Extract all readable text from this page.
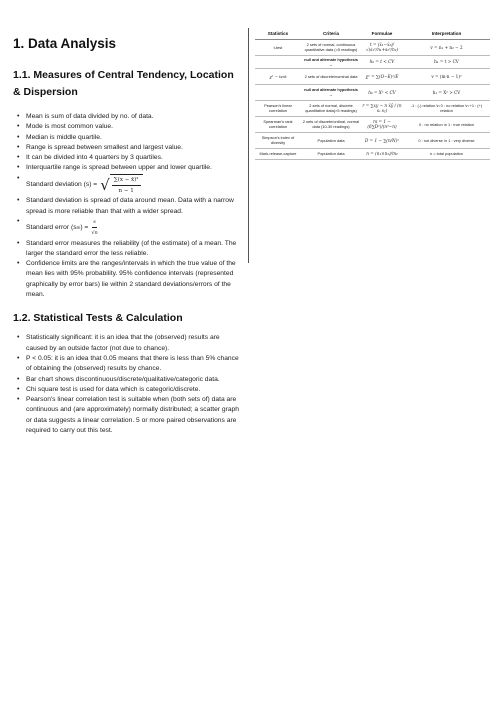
1. Data Analysis
1.1. Measures of Central Tendency, Location & Dispersion
• Mean is sum of data divided by no. of data.
• Mode is most common value.
• Median is middle quartile.
• Range is spread between smallest and largest value.
• It can be divided into 4 quarters by 3 quartiles.
• Interquartile range is spread between upper and lower quartile.
• Standard deviation (s) = √ $\frac{\text{∑(x − x̄)²}}{n - 1}$
• Standard deviation is spread of data around mean. Data with a narrow spread is more reliable than that with a wider spread.
• Standard error (s m ) = $\frac{s}{√n}$
• Standard error measures the reliability (of the estimate) of a mean. The larger the standard error the less reliable.
• Confidence limits are the ranges/intervals in which the true value of the mean lies with 95% probability. 95% confidence intervals (represented graphically by error bars) lie within 2 standard deviations/errors of the mean.
1.2. Statistical Tests & Calculation
• Statistically significant: it is an idea that the (observed) results are caused by an outside factor (not due to chance).
• P < 0.05: it is an idea that 0.05 means that there is less than 5% chance of obtaining the (observed) results by chance.
• Bar chart shows discontinuous/discrete/qualitative/categoric data.
• Chi square test is used for data which is categoric/discrete.
• Pearson's linear correlation test is suitable when (both sets of) data are continuous and (are approximately) normally distributed; a scatter graph or data suggests a linear correlation. 5 or more paired observations are required to carry out this test.
Statistics	Criteria	Formulae	Interpretation
t-test	2 sets of normal, continuous quantitative data (>5 readings)	t = (x̄₁−x̄₂)/√(s₁²/n₁+s₂²/n₂)	v = n₁ + n₂ − 2
	null and alternate hypothesis →	h₀ = t < CV	h₁ = t > CV
χ² − test	2 sets of discrete/nominal data	χ² = ∑(O−E)²/E	v = (m·n − 1)²
	null and alternate hypothesis →	h₀ = X² < CV	h₁ = X² > CV
Pearson's linear correlation	2 sets of normal, discrete quantitative data(>5 readings)	r = ∑xy − n x̄ȳ / (n sₓ sᵧ)	-1 : (-) relation \n 0 : no relation \n +1 : (+) relation
Spearman's rank correlation	2 sets of discrete/ordinal, normal data (10-30 readings)	rs = 1 − (6∑D²)/(n³−n)	0 : no relation \n 1 : true relation
Simpson's index of diversity	Population data	D = 1 − ∑(n/N)²	0 : not diverse \n 1 : very diverse
Mark-release-capture	Population data	n = (n₁×n₂)/m₂	n = total population
